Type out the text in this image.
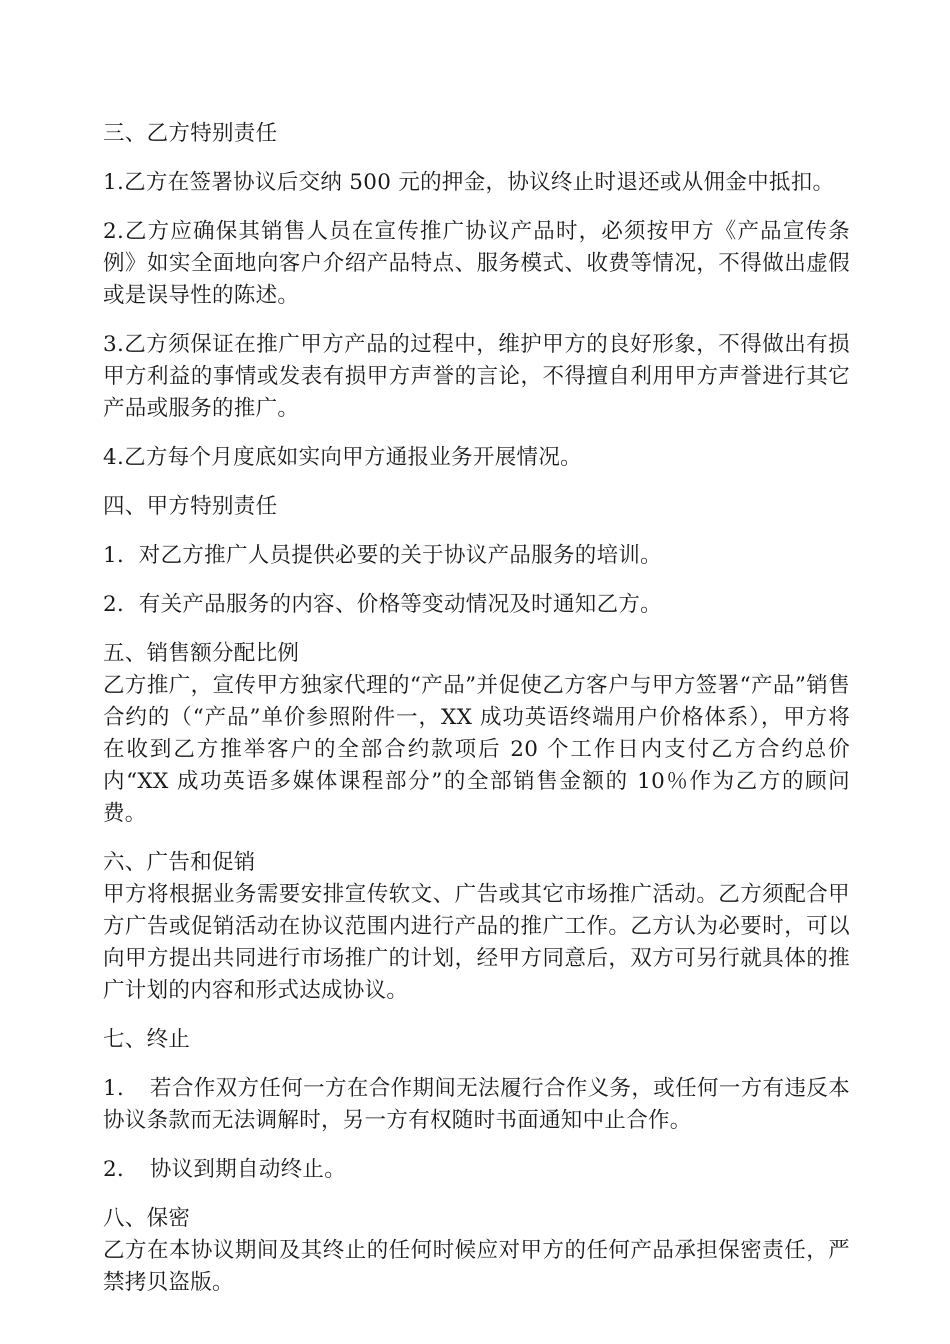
三、乙方特别责任

1.乙方在签署协议后交纳 500 元的押金，协议终止时退还或从佣金中抵扣。

2.乙方应确保其销售人员在宣传推广协议产品时，必须按甲方《产品宣传条例》如实全面地向客户介绍产品特点、服务模式、收费等情况，不得做出虚假或是误导性的陈述。

3.乙方须保证在推广甲方产品的过程中，维护甲方的良好形象，不得做出有损甲方利益的事情或发表有损甲方声誉的言论，不得擅自利用甲方声誉进行其它产品或服务的推广。

4.乙方每个月度底如实向甲方通报业务开展情况。

四、甲方特别责任

1．对乙方推广人员提供必要的关于协议产品服务的培训。

2．有关产品服务的内容、价格等变动情况及时通知乙方。

五、销售额分配比例

乙方推广，宣传甲方独家代理的“产品”并促使乙方客户与甲方签署“产品”销售合约的（“产品”单价参照附件一，XX 成功英语终端用户价格体系），甲方将在收到乙方推举客户的全部合约款项后 20 个工作日内支付乙方合约总价内“XX 成功英语多媒体课程部分”的全部销售金额的 10％作为乙方的顾问费。

六、广告和促销

甲方将根据业务需要安排宣传软文、广告或其它市场推广活动。乙方须配合甲方广告或促销活动在协议范围内进行产品的推广工作。乙方认为必要时，可以向甲方提出共同进行市场推广的计划，经甲方同意后，双方可另行就具体的推广计划的内容和形式达成协议。

七、终止

1．　若合作双方任何一方在合作期间无法履行合作义务，或任何一方有违反本协议条款而无法调解时，另一方有权随时书面通知中止合作。

2．　协议到期自动终止。

八、保密

乙方在本协议期间及其终止的任何时候应对甲方的任何产品承担保密责任，严禁拷贝盗版。
